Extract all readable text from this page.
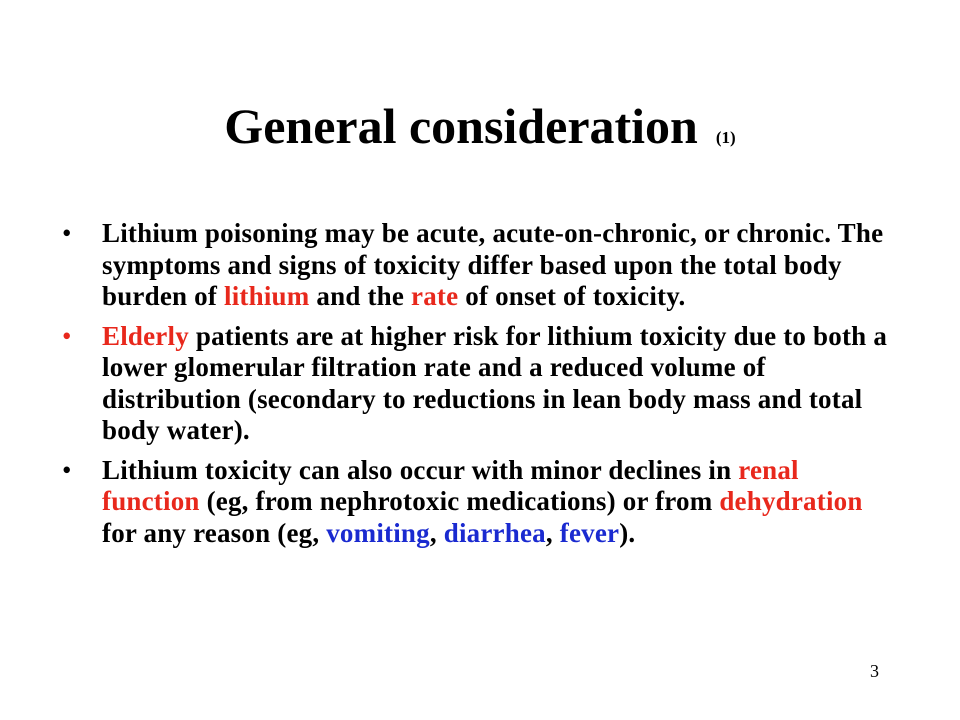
General consideration (1)
• Lithium poisoning may be acute, acute-on-chronic, or chronic. The symptoms and signs of toxicity differ based upon the total body burden of lithium and the rate of onset of toxicity.
• Elderly patients are at higher risk for lithium toxicity due to both a lower glomerular filtration rate and a reduced volume of distribution (secondary to reductions in lean body mass and total body water).
• Lithium toxicity can also occur with minor declines in renal function (eg, from nephrotoxic medications) or from dehydration for any reason (eg, vomiting, diarrhea, fever).
3
